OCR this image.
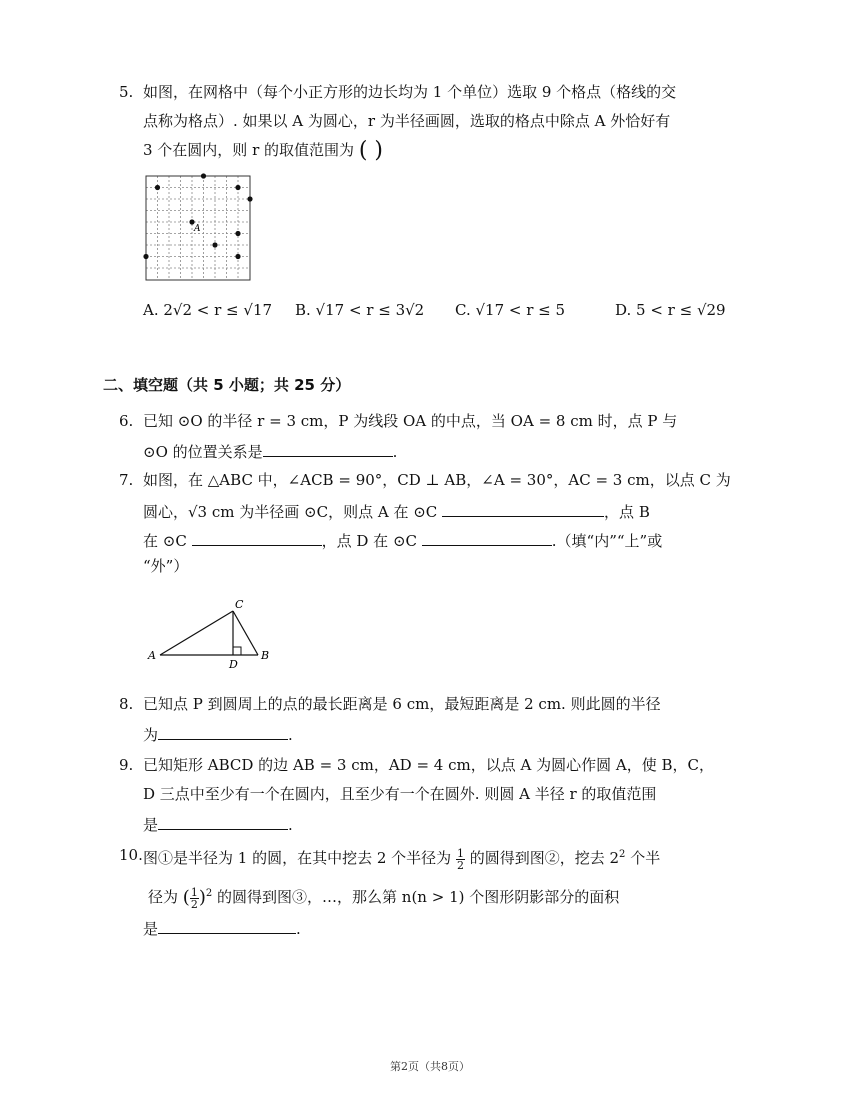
5. 如图，在网格中（每个小正方形的边长均为 1 个单位）选取 9 个格点（格线的交
点称为格点）. 如果以 A 为圆心，r 为半径画圆，选取的格点中除点 A 外恰好有
3 个在圆内，则 r 的取值范围为 ( )
A
A. 2√2 < r ≤ √17 B. √17 < r ≤ 3√2 C. √17 < r ≤ 5	D. 5 < r ≤ √29
二、填空题（共 5 小题；共 25 分）
6. 已知 ⊙O 的半径 r = 3 cm，P 为线段 OA 的中点，当 OA = 8 cm 时，点 P 与
⊙O 的位置关系是	.
7. 如图，在 △ABC 中，∠ACB = 90°，CD ⊥ AB，∠A = 30°，AC = 3 cm，以点 C 为
圆心，√3 cm 为半径画 ⊙C，则点 A 在 ⊙C	，点 B
在 ⊙C	，点 D 在 ⊙C	.（填“内”“上”或
“外”）
A	B
C
D
8. 已知点 P 到圆周上的点的最长距离是 6 cm，最短距离是 2 cm. 则此圆的半径
为	.
9. 已知矩形 ABCD 的边 AB = 3 cm，AD = 4 cm，以点 A 为圆心作圆 A，使 B，C，
D 三点中至少有一个在圆内，且至少有一个在圆外. 则圆 A 半径 r 的取值范围
是	.
10. 图①是半径为 1 的圆，在其中挖去 2 个半径为 $\frac{1}{2}$ 的圆得到图②，挖去 $2^2$ 个半
径为 ( $\frac{1}{2} )^2$ 的圆得到图③，…，那么第 n(n > 1) 个图形阴影部分的面积
是	.
第2页（共8页）
